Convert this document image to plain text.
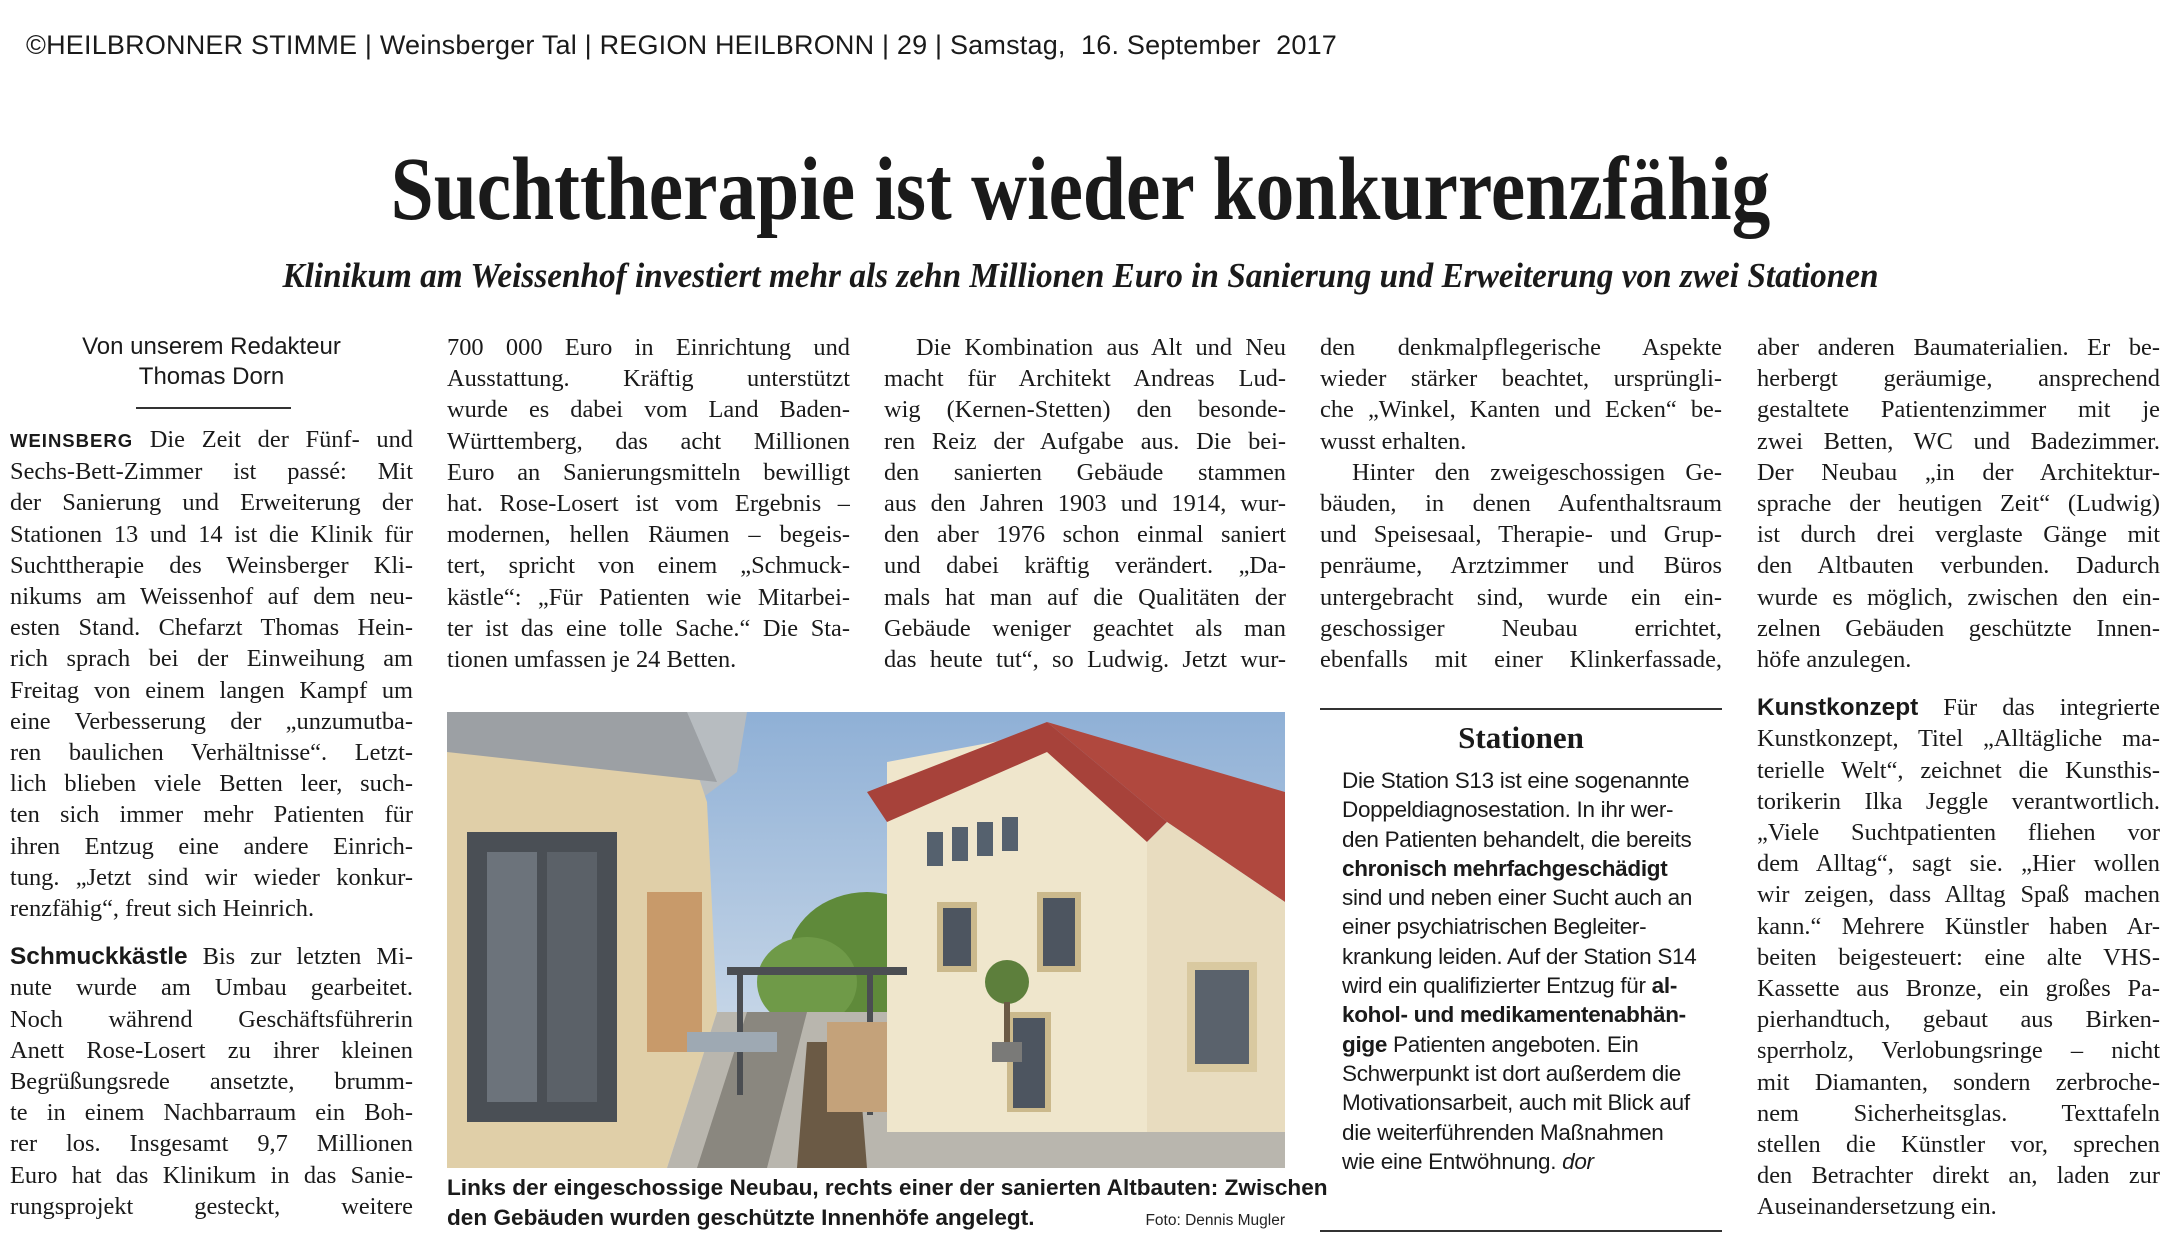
©HEILBRONNER STIMME | Weinsberger Tal | REGION HEILBRONN | 29 | Samstag,  16. September  2017
Suchttherapie ist wieder konkurrenzfähig
Klinikum am Weissenhof investiert mehr als zehn Millionen Euro in Sanierung und Erweiterung von zwei Stationen
Von unserem Redakteur
Thomas Dorn
WEINSBERG Die Zeit der Fünf- und
Sechs-Bett-Zimmer ist passé: Mit
der Sanierung und Erweiterung der
Stationen 13 und 14 ist die Klinik für
Suchttherapie des Weinsberger Kli-
nikums am Weissenhof auf dem neu-
esten Stand. Chefarzt Thomas Hein-
rich sprach bei der Einweihung am
Freitag von einem langen Kampf um
eine Verbesserung der „unzumutba-
ren baulichen Verhältnisse“. Letzt-
lich blieben viele Betten leer, such-
ten sich immer mehr Patienten für
ihren Entzug eine andere Einrich-
tung. „Jetzt sind wir wieder konkur-
renzfähig“, freut sich Heinrich.
Schmuckkästle Bis zur letzten Mi-
nute wurde am Umbau gearbeitet.
Noch während Geschäftsführerin
Anett Rose-Losert zu ihrer kleinen
Begrüßungsrede ansetzte, brumm-
te in einem Nachbarraum ein Boh-
rer los. Insgesamt 9,7 Millionen
Euro hat das Klinikum in das Sanie-
rungsprojekt gesteckt, weitere
700 000 Euro in Einrichtung und
Ausstattung. Kräftig unterstützt
wurde es dabei vom Land Baden-
Württemberg, das acht Millionen
Euro an Sanierungsmitteln bewilligt
hat. Rose-Losert ist vom Ergebnis –
modernen, hellen Räumen – begeis-
tert, spricht von einem „Schmuck-
kästle“: „Für Patienten wie Mitarbei-
ter ist das eine tolle Sache.“ Die Sta-
tionen umfassen je 24 Betten.
Die Kombination aus Alt und Neu
macht für Architekt Andreas Lud-
wig (Kernen-Stetten) den besonde-
ren Reiz der Aufgabe aus. Die bei-
den sanierten Gebäude stammen
aus den Jahren 1903 und 1914, wur-
den aber 1976 schon einmal saniert
und dabei kräftig verändert. „Da-
mals hat man auf die Qualitäten der
Gebäude weniger geachtet als man
das heute tut“, so Ludwig. Jetzt wur-
den denkmalpflegerische Aspekte
wieder stärker beachtet, ursprüngli-
che „Winkel, Kanten und Ecken“ be-
wusst erhalten.
Hinter den zweigeschossigen Ge-
bäuden, in denen Aufenthaltsraum
und Speisesaal, Therapie- und Grup-
penräume, Arztzimmer und Büros
untergebracht sind, wurde ein ein-
geschossiger Neubau errichtet,
ebenfalls mit einer Klinkerfassade,
aber anderen Baumaterialien. Er be-
herbergt geräumige, ansprechend
gestaltete Patientenzimmer mit je
zwei Betten, WC und Badezimmer.
Der Neubau „in der Architektur-
sprache der heutigen Zeit“ (Ludwig)
ist durch drei verglaste Gänge mit
den Altbauten verbunden. Dadurch
wurde es möglich, zwischen den ein-
zelnen Gebäuden geschützte Innen-
höfe anzulegen.
Kunstkonzept Für das integrierte
Kunstkonzept, Titel „Alltägliche ma-
terielle Welt“, zeichnet die Kunsthis-
torikerin Ilka Jeggle verantwortlich.
„Viele Suchtpatienten fliehen vor
dem Alltag“, sagt sie. „Hier wollen
wir zeigen, dass Alltag Spaß machen
kann.“ Mehrere Künstler haben Ar-
beiten beigesteuert: eine alte VHS-
Kassette aus Bronze, ein großes Pa-
pierhandtuch, gebaut aus Birken-
sperrholz, Verlobungsringe – nicht
mit Diamanten, sondern zerbroche-
nem Sicherheitsglas. Texttafeln
stellen die Künstler vor, sprechen
den Betrachter direkt an, laden zur
Auseinandersetzung ein.
Links der eingeschossige Neubau, rechts einer der sanierten Altbauten: Zwischen
den Gebäuden wurden geschützte Innenhöfe angelegt.	Foto: Dennis Mugler
Stationen
Die Station S13 ist eine sogenannte
Doppeldiagnosestation. In ihr wer-
den Patienten behandelt, die bereits
chronisch mehrfachgeschädigt
sind und neben einer Sucht auch an
einer psychiatrischen Begleiter-
krankung leiden. Auf der Station S14
wird ein qualifizierter Entzug für al-
kohol- und medikamentenabhän-
gige Patienten angeboten. Ein
Schwerpunkt ist dort außerdem die
Motivationsarbeit, auch mit Blick auf
die weiterführenden Maßnahmen
wie eine Entwöhnung. dor
